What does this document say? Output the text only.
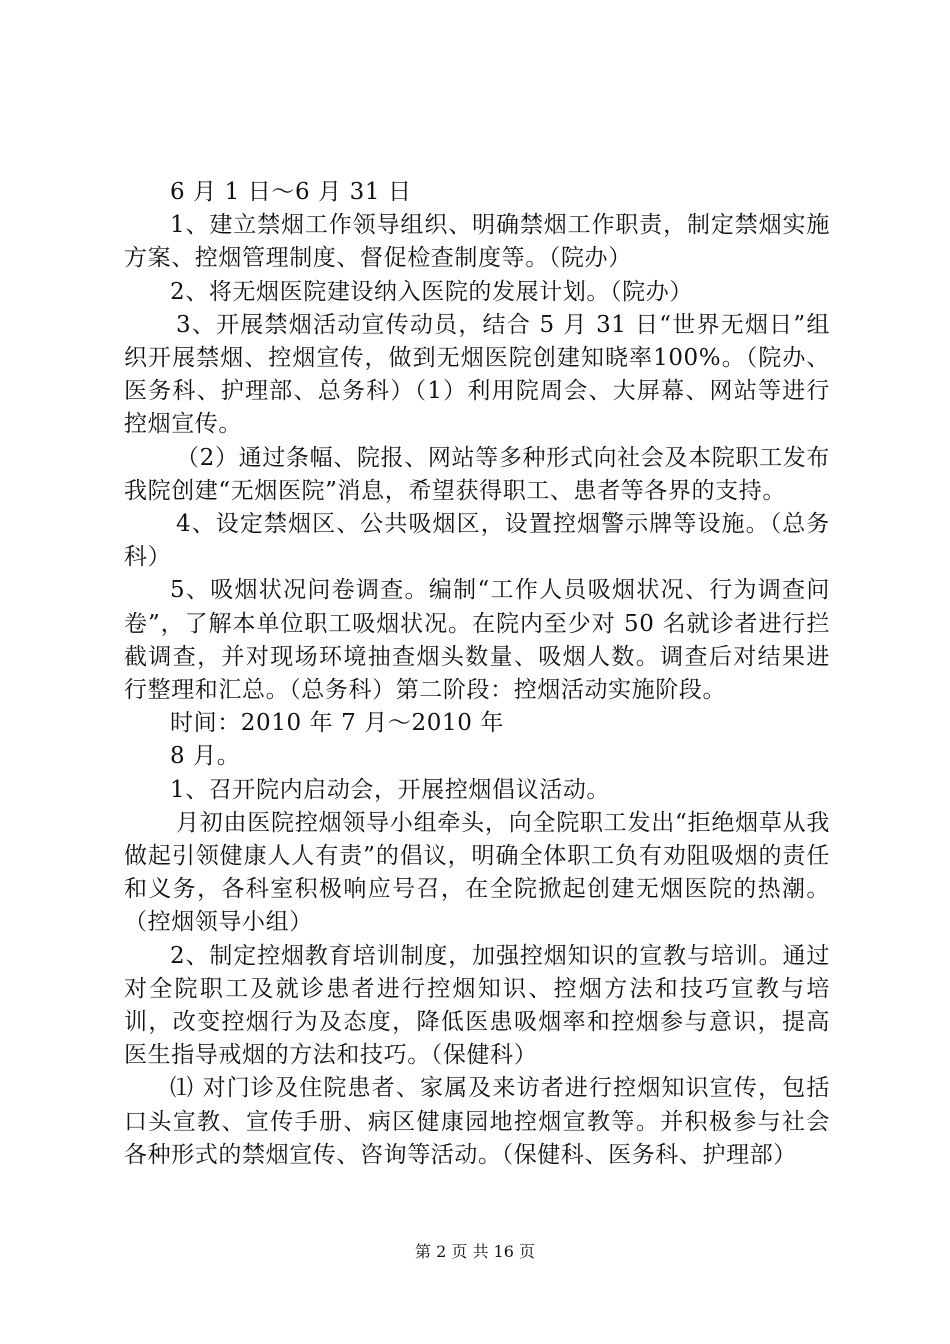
6 月 1 日～6 月 31 日

1、建立禁烟工作领导组织、明确禁烟工作职责，制定禁烟实施方案、控烟管理制度、督促检查制度等。（院办）

2、将无烟医院建设纳入医院的发展计划。（院办）

3、开展禁烟活动宣传动员，结合 5 月 31 日“世界无烟日”组织开展禁烟、控烟宣传，做到无烟医院创建知晓率100%。（院办、医务科、护理部、总务科）（1）利用院周会、大屏幕、网站等进行控烟宣传。

（2）通过条幅、院报、网站等多种形式向社会及本院职工发布我院创建“无烟医院”消息，希望获得职工、患者等各界的支持。

4、设定禁烟区、公共吸烟区，设置控烟警示牌等设施。（总务科）

5、吸烟状况问卷调查。编制“工作人员吸烟状况、行为调查问卷”，了解本单位职工吸烟状况。在院内至少对 50 名就诊者进行拦截调查，并对现场环境抽查烟头数量、吸烟人数。调查后对结果进行整理和汇总。（总务科）第二阶段：控烟活动实施阶段。

时间：2010 年 7 月～2010 年

8 月。

1、召开院内启动会，开展控烟倡议活动。

月初由医院控烟领导小组牵头，向全院职工发出“拒绝烟草从我做起引领健康人人有责”的倡议，明确全体职工负有劝阻吸烟的责任和义务，各科室积极响应号召，在全院掀起创建无烟医院的热潮。（控烟领导小组）

2、制定控烟教育培训制度，加强控烟知识的宣教与培训。通过对全院职工及就诊患者进行控烟知识、控烟方法和技巧宣教与培训，改变控烟行为及态度，降低医患吸烟率和控烟参与意识，提高医生指导戒烟的方法和技巧。（保健科）

⑴ 对门诊及住院患者、家属及来访者进行控烟知识宣传，包括口头宣教、宣传手册、病区健康园地控烟宣教等。并积极参与社会各种形式的禁烟宣传、咨询等活动。（保健科、医务科、护理部）

第 2 页 共 16 页
